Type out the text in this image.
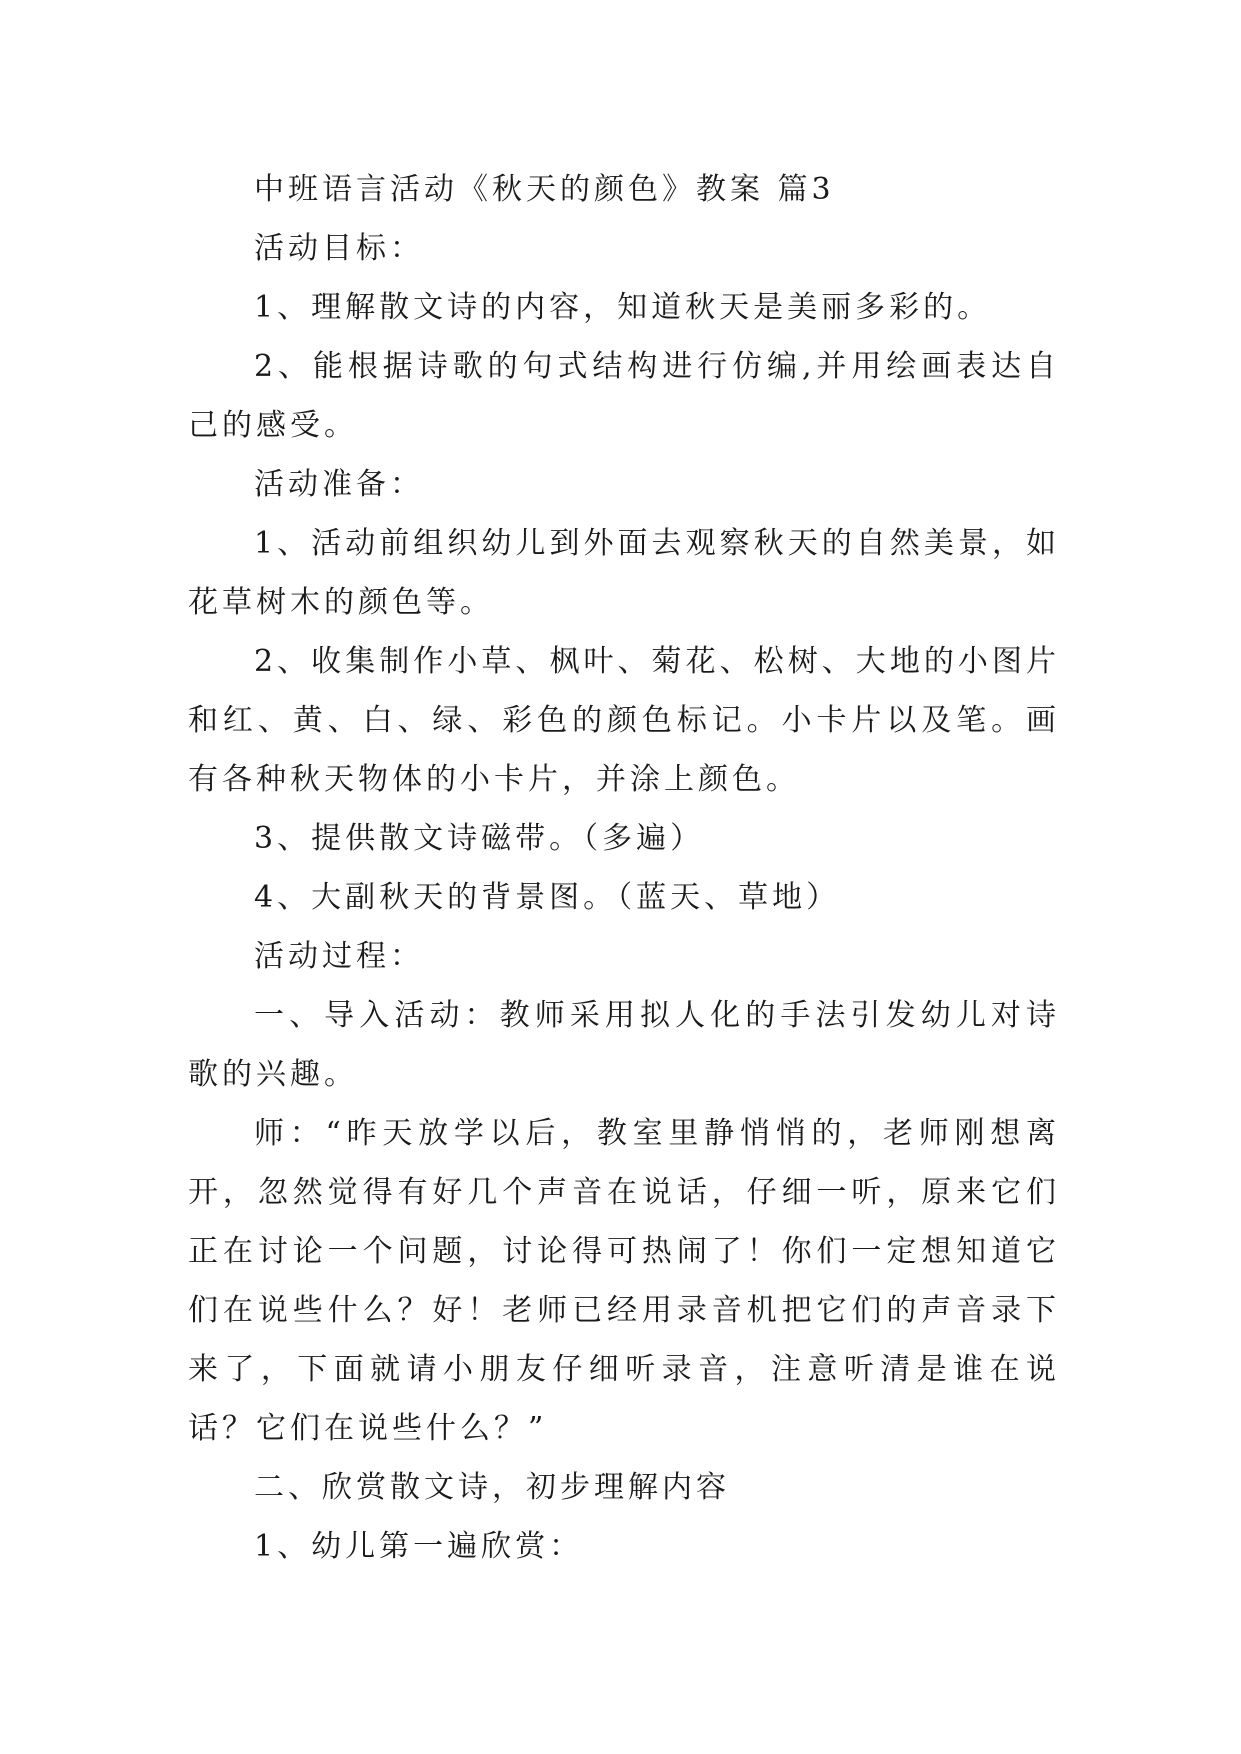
中班语言活动《秋天的颜色》教案 篇3

活动目标：

1、理解散文诗的内容，知道秋天是美丽多彩的。

2、能根据诗歌的句式结构进行仿编,并用绘画表达自己的感受。

活动准备：

1、活动前组织幼儿到外面去观察秋天的自然美景，如花草树木的颜色等。

2、收集制作小草、枫叶、菊花、松树、大地的小图片和红、黄、白、绿、彩色的颜色标记。小卡片以及笔。画有各种秋天物体的小卡片，并涂上颜色。

3、提供散文诗磁带。（多遍）

4、大副秋天的背景图。（蓝天、草地）

活动过程：

一、导入活动：教师采用拟人化的手法引发幼儿对诗歌的兴趣。

师：“昨天放学以后，教室里静悄悄的，老师刚想离开，忽然觉得有好几个声音在说话，仔细一听，原来它们正在讨论一个问题，讨论得可热闹了！你们一定想知道它们在说些什么？好！老师已经用录音机把它们的声音录下来了，下面就请小朋友仔细听录音，注意听清是谁在说话？它们在说些什么？”

二、欣赏散文诗，初步理解内容

1、幼儿第一遍欣赏：
